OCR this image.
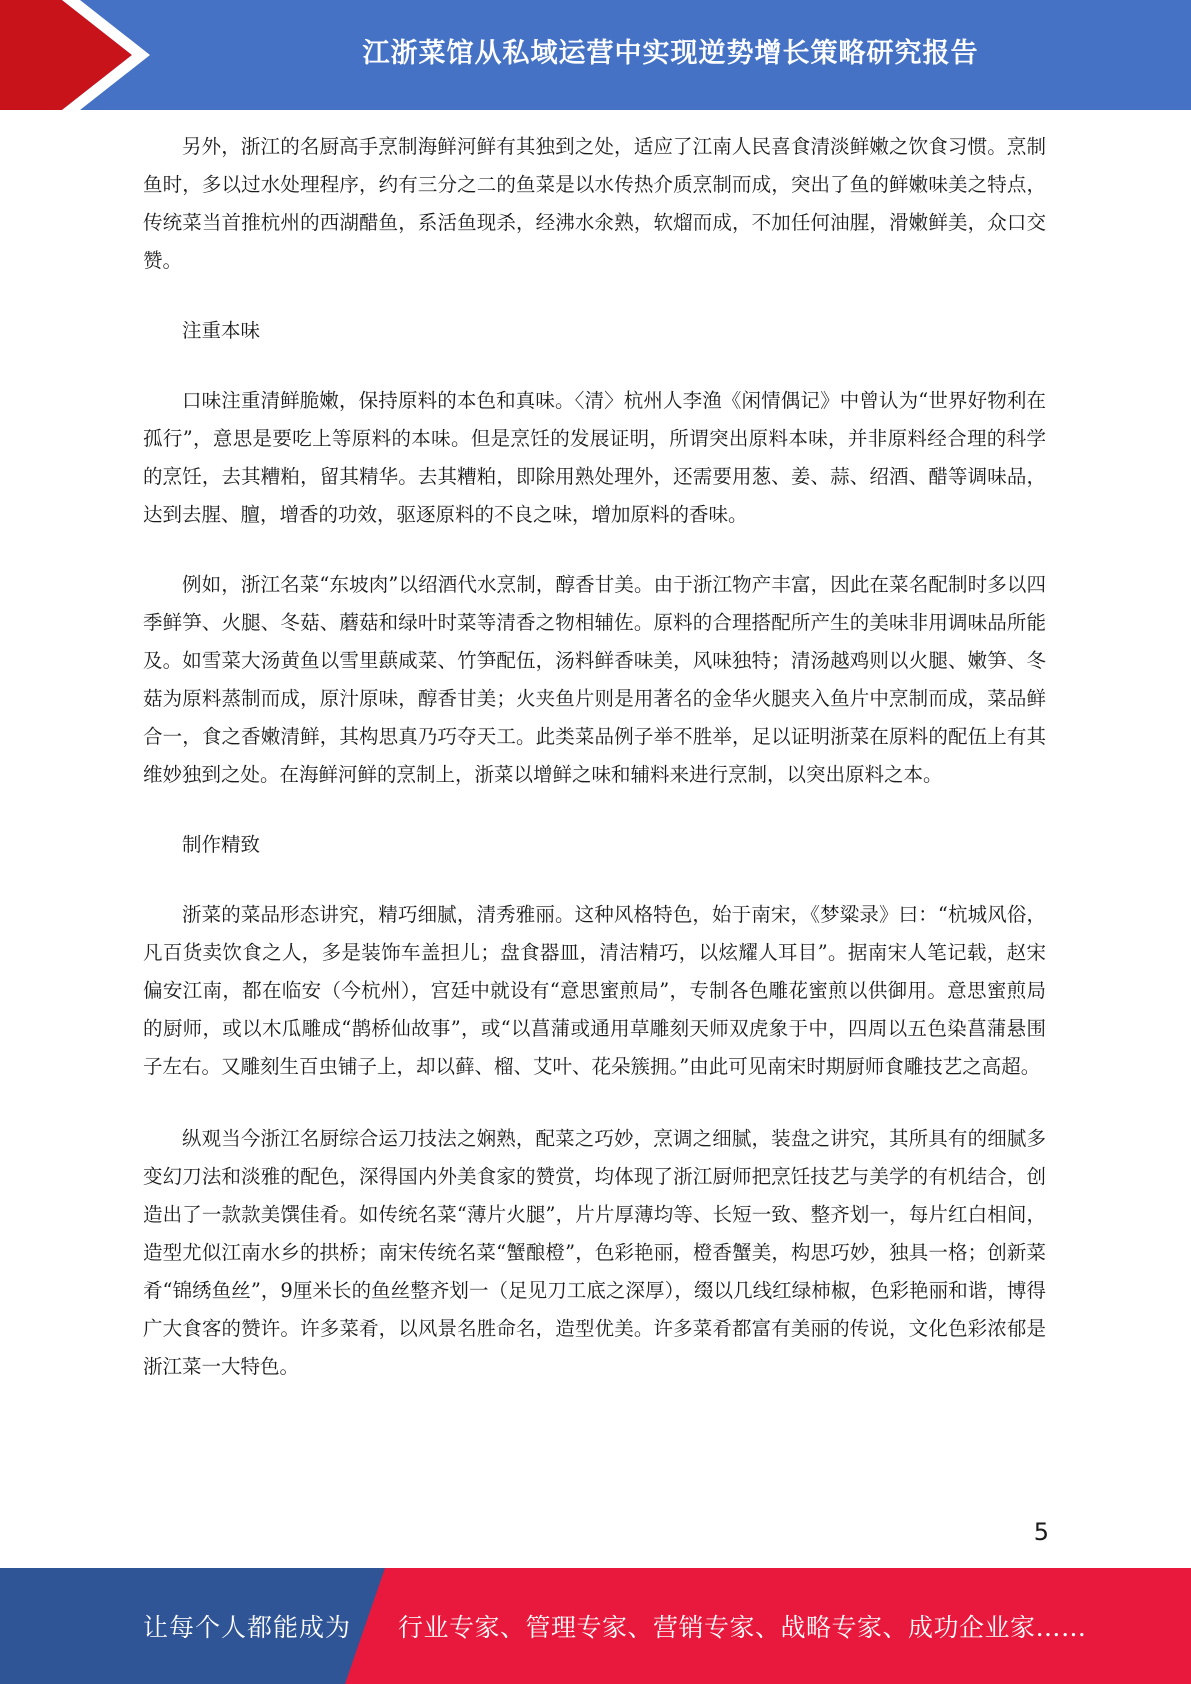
江浙菜馆从私域运营中实现逆势增长策略研究报告

另外，浙江的名厨高手烹制海鲜河鲜有其独到之处，适应了江南人民喜食清淡鲜嫩之饮食习惯。烹制鱼时，多以过水处理程序，约有三分之二的鱼菜是以水传热介质烹制而成，突出了鱼的鲜嫩味美之特点，传统菜当首推杭州的西湖醋鱼，系活鱼现杀，经沸水氽熟，软熘而成，不加任何油腥，滑嫩鲜美，众口交赞。

注重本味

口味注重清鲜脆嫩，保持原料的本色和真味。〈清〉杭州人李渔《闲情偶记》中曾认为“世界好物利在孤行”，意思是要吃上等原料的本味。但是烹饪的发展证明，所谓突出原料本味，并非原料经合理的科学的烹饪，去其糟粕，留其精华。去其糟粕，即除用熟处理外，还需要用葱、姜、蒜、绍酒、醋等调味品，达到去腥、膻，增香的功效，驱逐原料的不良之味，增加原料的香味。

例如，浙江名菜“东坡肉”以绍酒代水烹制，醇香甘美。由于浙江物产丰富，因此在菜名配制时多以四季鲜笋、火腿、冬菇、蘑菇和绿叶时菜等清香之物相辅佐。原料的合理搭配所产生的美味非用调味品所能及。如雪菜大汤黄鱼以雪里蕻咸菜、竹笋配伍，汤料鲜香味美，风味独特；清汤越鸡则以火腿、嫩笋、冬菇为原料蒸制而成，原汁原味，醇香甘美；火夹鱼片则是用著名的金华火腿夹入鱼片中烹制而成，菜品鲜合一，食之香嫩清鲜，其构思真乃巧夺天工。此类菜品例子举不胜举，足以证明浙菜在原料的配伍上有其维妙独到之处。在海鲜河鲜的烹制上，浙菜以增鲜之味和辅料来进行烹制，以突出原料之本。

制作精致

浙菜的菜品形态讲究，精巧细腻，清秀雅丽。这种风格特色，始于南宋，《梦粱录》曰：“杭城风俗，凡百货卖饮食之人，多是装饰车盖担儿；盘食器皿，清洁精巧，以炫耀人耳目”。据南宋人笔记载，赵宋偏安江南，都在临安（今杭州），宫廷中就设有“意思蜜煎局”，专制各色雕花蜜煎以供御用。意思蜜煎局的厨师，或以木瓜雕成“鹊桥仙故事”，或“以菖蒲或通用草雕刻天师双虎象于中，四周以五色染菖蒲悬围子左右。又雕刻生百虫铺子上，却以藓、榴、艾叶、花朵簇拥。”由此可见南宋时期厨师食雕技艺之高超。

纵观当今浙江名厨综合运刀技法之娴熟，配菜之巧妙，烹调之细腻，装盘之讲究，其所具有的细腻多变幻刀法和淡雅的配色，深得国内外美食家的赞赏，均体现了浙江厨师把烹饪技艺与美学的有机结合，创造出了一款款美馔佳肴。如传统名菜“薄片火腿”，片片厚薄均等、长短一致、整齐划一，每片红白相间，造型尤似江南水乡的拱桥；南宋传统名菜“蟹酿橙”，色彩艳丽，橙香蟹美，构思巧妙，独具一格；创新菜肴“锦绣鱼丝”，9厘米长的鱼丝整齐划一（足见刀工底之深厚），缀以几线红绿柿椒，色彩艳丽和谐，博得广大食客的赞许。许多菜肴，以风景名胜命名，造型优美。许多菜肴都富有美丽的传说，文化色彩浓郁是浙江菜一大特色。

5
让每个人都能成为 行业专家、管理专家、营销专家、战略专家、成功企业家……
